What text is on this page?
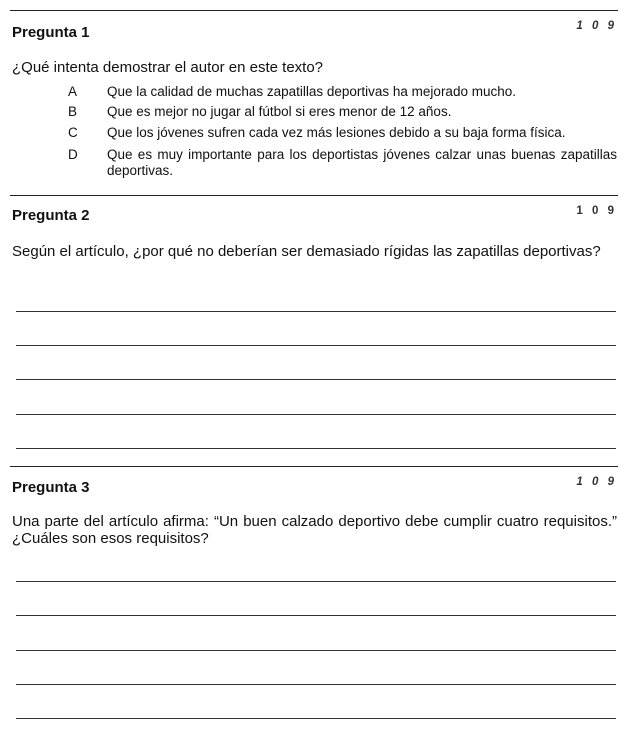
Pregunta 1	1 0 9
¿Qué intenta demostrar el autor en este texto?
A Que la calidad de muchas zapatillas deportivas ha mejorado mucho.
B Que es mejor no jugar al fútbol si eres menor de 12 años.
C Que los jóvenes sufren cada vez más lesiones debido a su baja forma física.
D Que es muy importante para los deportistas jóvenes calzar unas buenas zapatillas deportivas.
Pregunta 2	1 0 9
Según el artículo, ¿por qué no deberían ser demasiado rígidas las zapatillas deportivas?
Pregunta 3	1 0 9
Una parte del artículo afirma: “Un buen calzado deportivo debe cumplir cuatro requisitos.” ¿Cuáles son esos requisitos?
